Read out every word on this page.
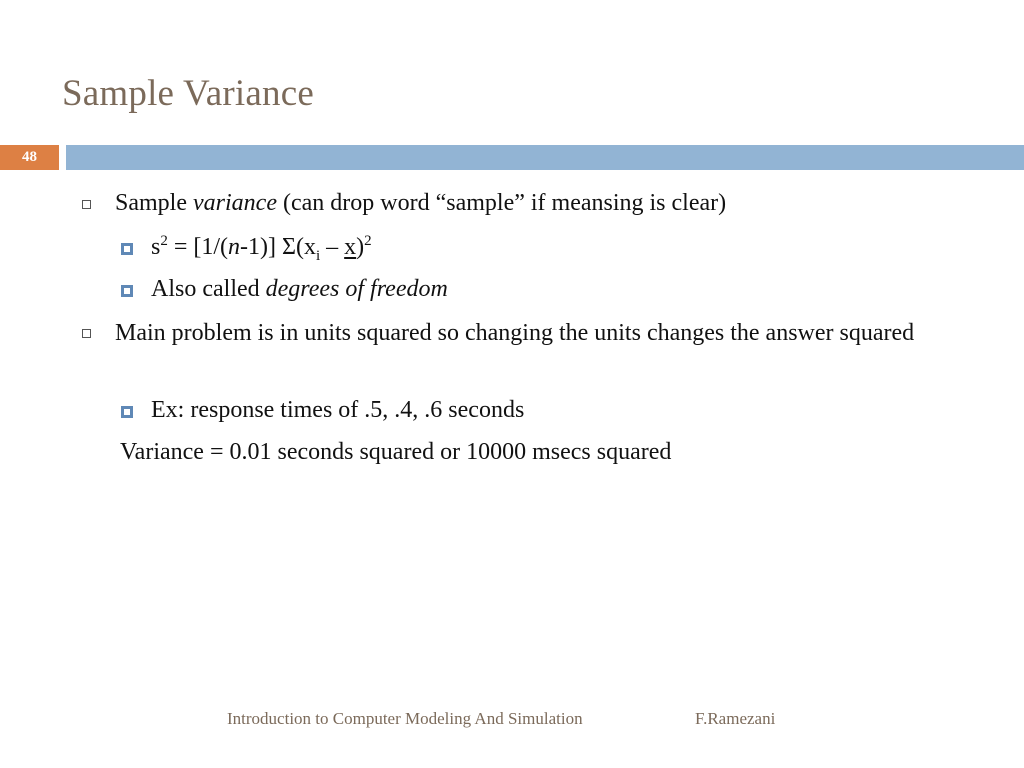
Sample Variance
48
Sample variance (can drop word “sample” if meansing is clear)
$s^2 = [1/(n-1)]$ $\Sigma(x_i - x)^2$
Also called degrees of freedom
Main problem is in units squared so changing the units changes the answer squared
Ex: response times of .5, .4, .6 seconds
Variance = 0.01 seconds squared or 10000 msecs squared
Introduction to Computer Modeling And Simulation	F.Ramezani
